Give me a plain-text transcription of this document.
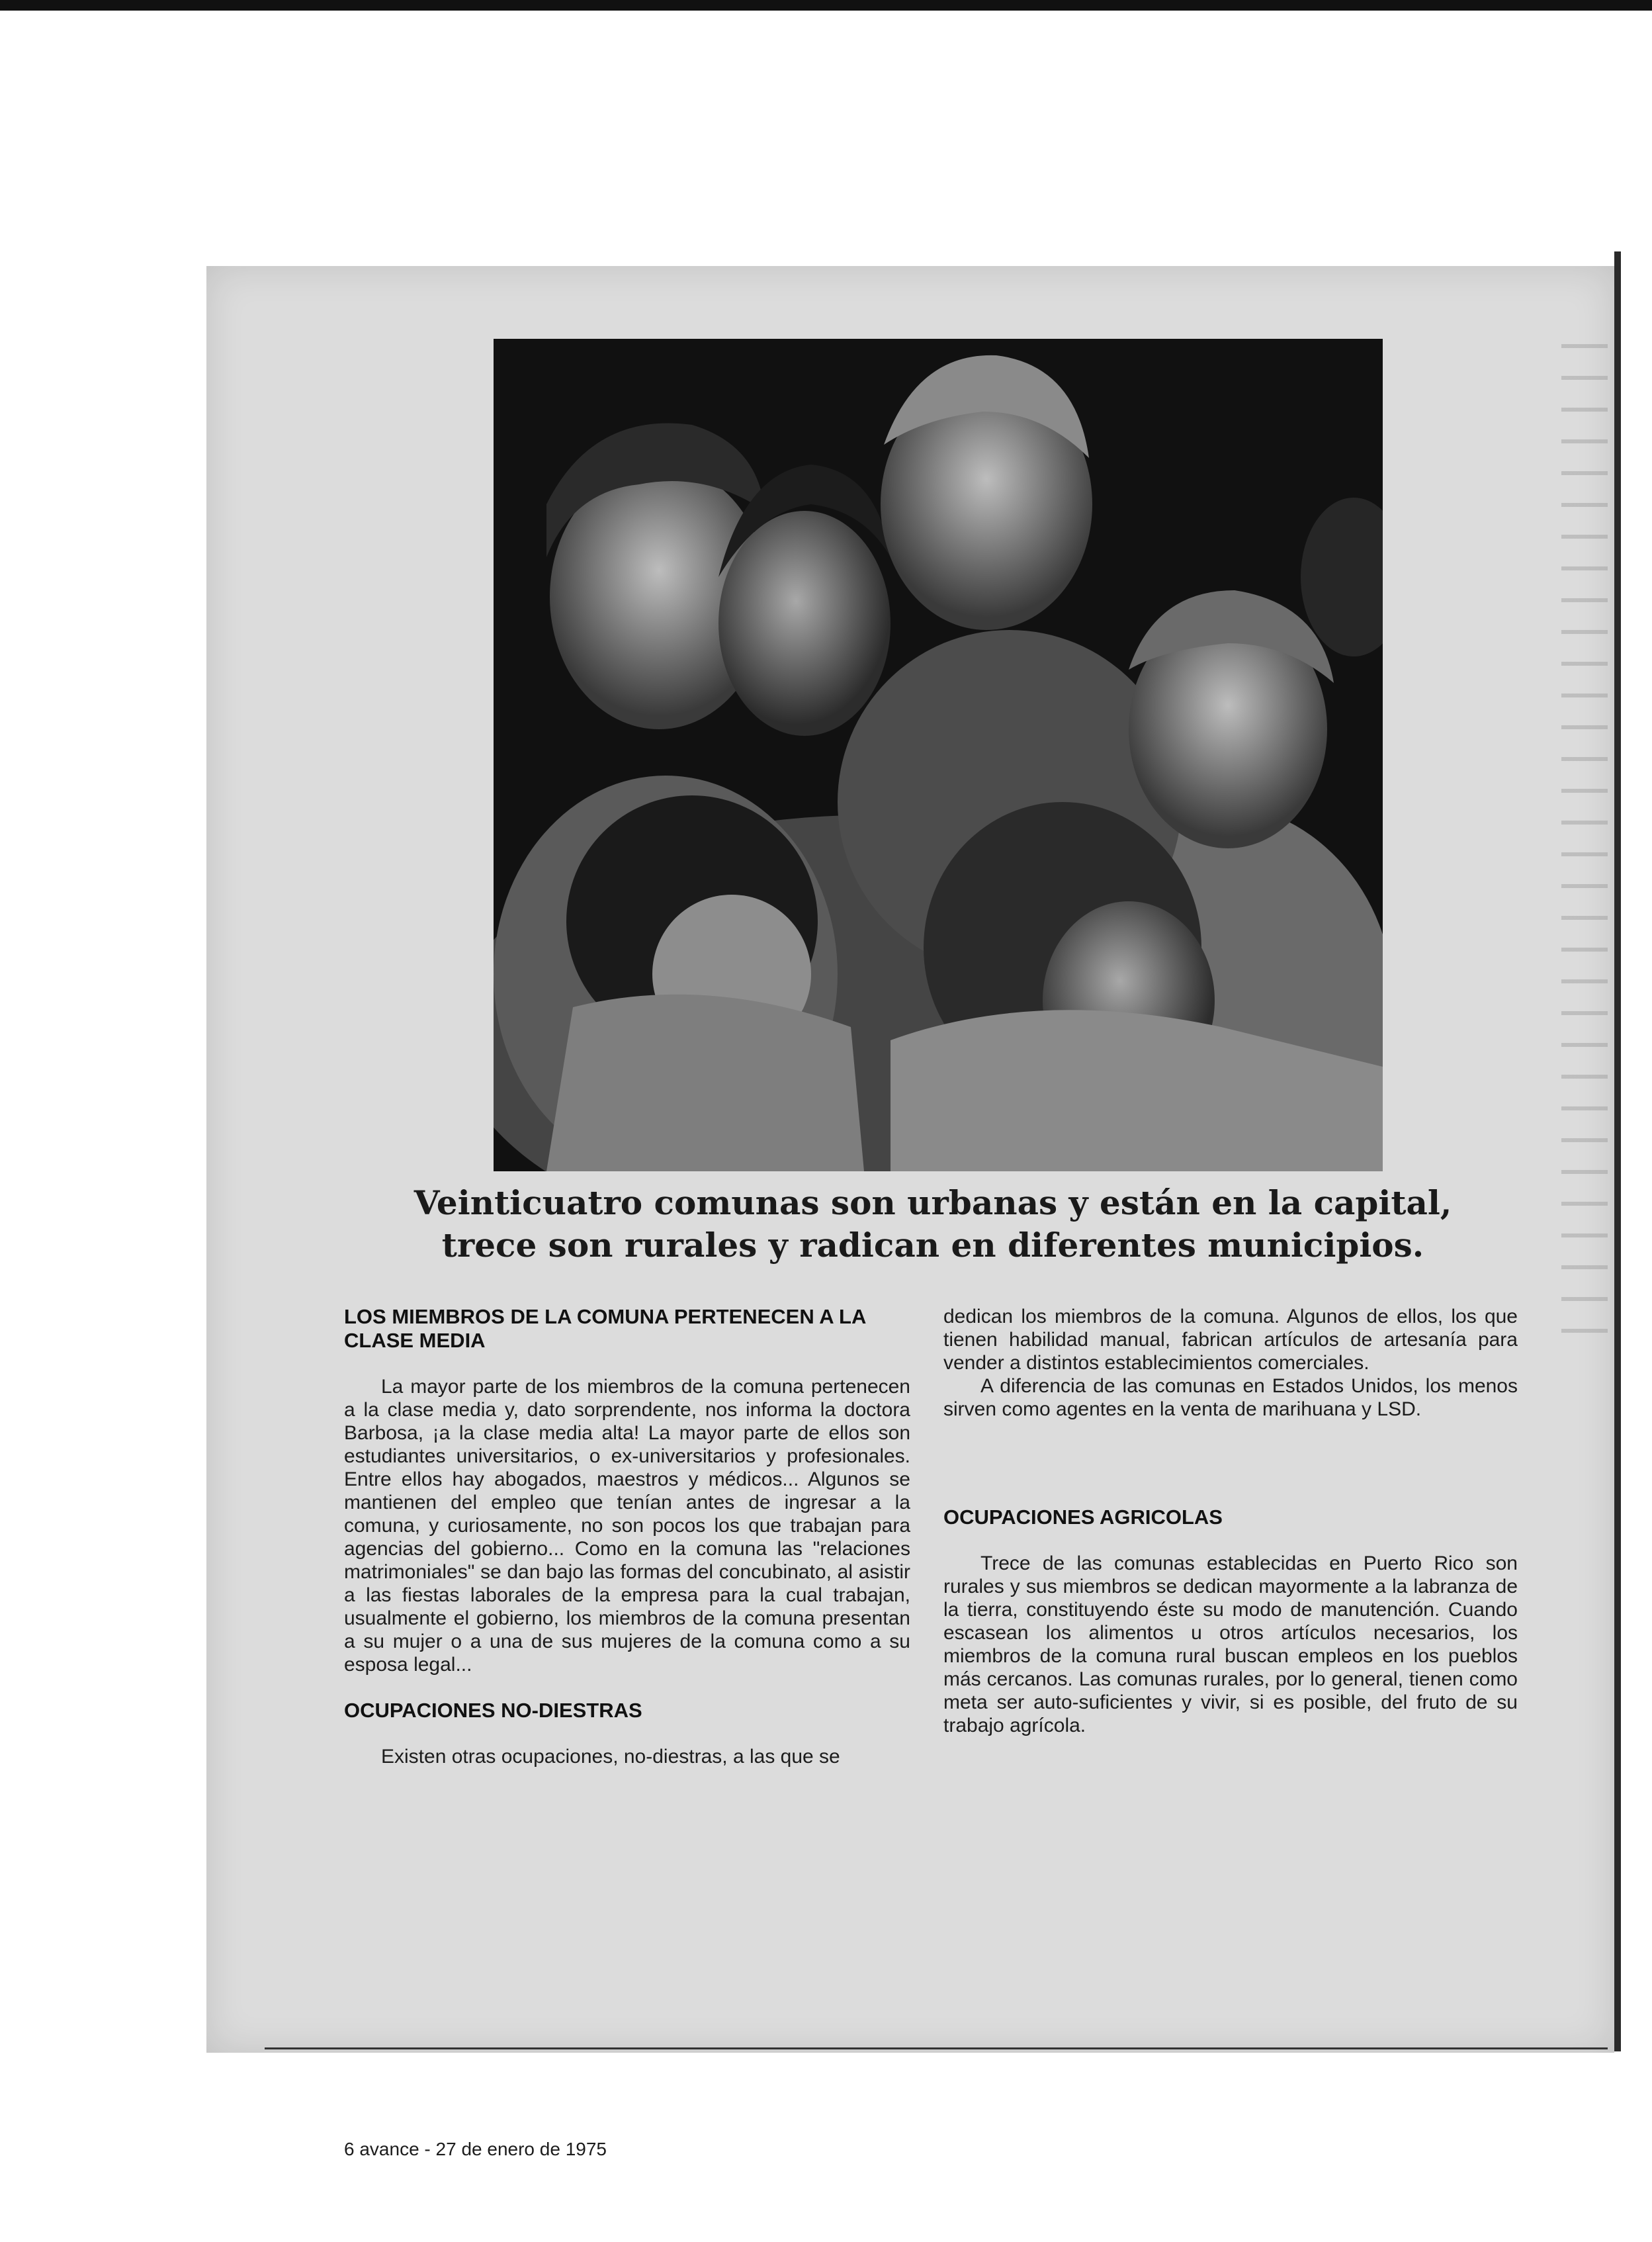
Veinticuatro comunas son urbanas y están en la capital,
trece son rurales y radican en diferentes municipios.
LOS MIEMBROS DE LA COMUNA PERTENECEN A LA CLASE MEDIA

La mayor parte de los miembros de la comuna pertenecen a la clase media y, dato sorprendente, nos informa la doctora Barbosa, ¡a la clase media alta! La mayor parte de ellos son estudiantes universitarios, o ex-universitarios y profesionales. Entre ellos hay abogados, maestros y médicos... Algunos se mantienen del empleo que tenían antes de ingresar a la comuna, y curiosamente, no son pocos los que trabajan para agencias del gobierno... Como en la comuna las "relaciones matrimoniales" se dan bajo las formas del concubinato, al asistir a las fiestas laborales de la empresa para la cual trabajan, usualmente el gobierno, los miembros de la comuna presentan a su mujer o a una de sus mujeres de la comuna como a su esposa legal...

OCUPACIONES NO-DIESTRAS

Existen otras ocupaciones, no-diestras, a las que se

dedican los miembros de la comuna. Algunos de ellos, los que tienen habilidad manual, fabrican artículos de artesanía para vender a distintos establecimientos comerciales.

A diferencia de las comunas en Estados Unidos, los menos sirven como agentes en la venta de marihuana y LSD.

OCUPACIONES AGRICOLAS

Trece de las comunas establecidas en Puerto Rico son rurales y sus miembros se dedican mayormente a la labranza de la tierra, constituyendo éste su modo de manutención. Cuando escasean los alimentos u otros artículos necesarios, los miembros de la comuna rural buscan empleos en los pueblos más cercanos. Las comunas rurales, por lo general, tienen como meta ser auto-suficientes y vivir, si es posible, del fruto de su trabajo agrícola.

6 avance - 27 de enero de 1975
